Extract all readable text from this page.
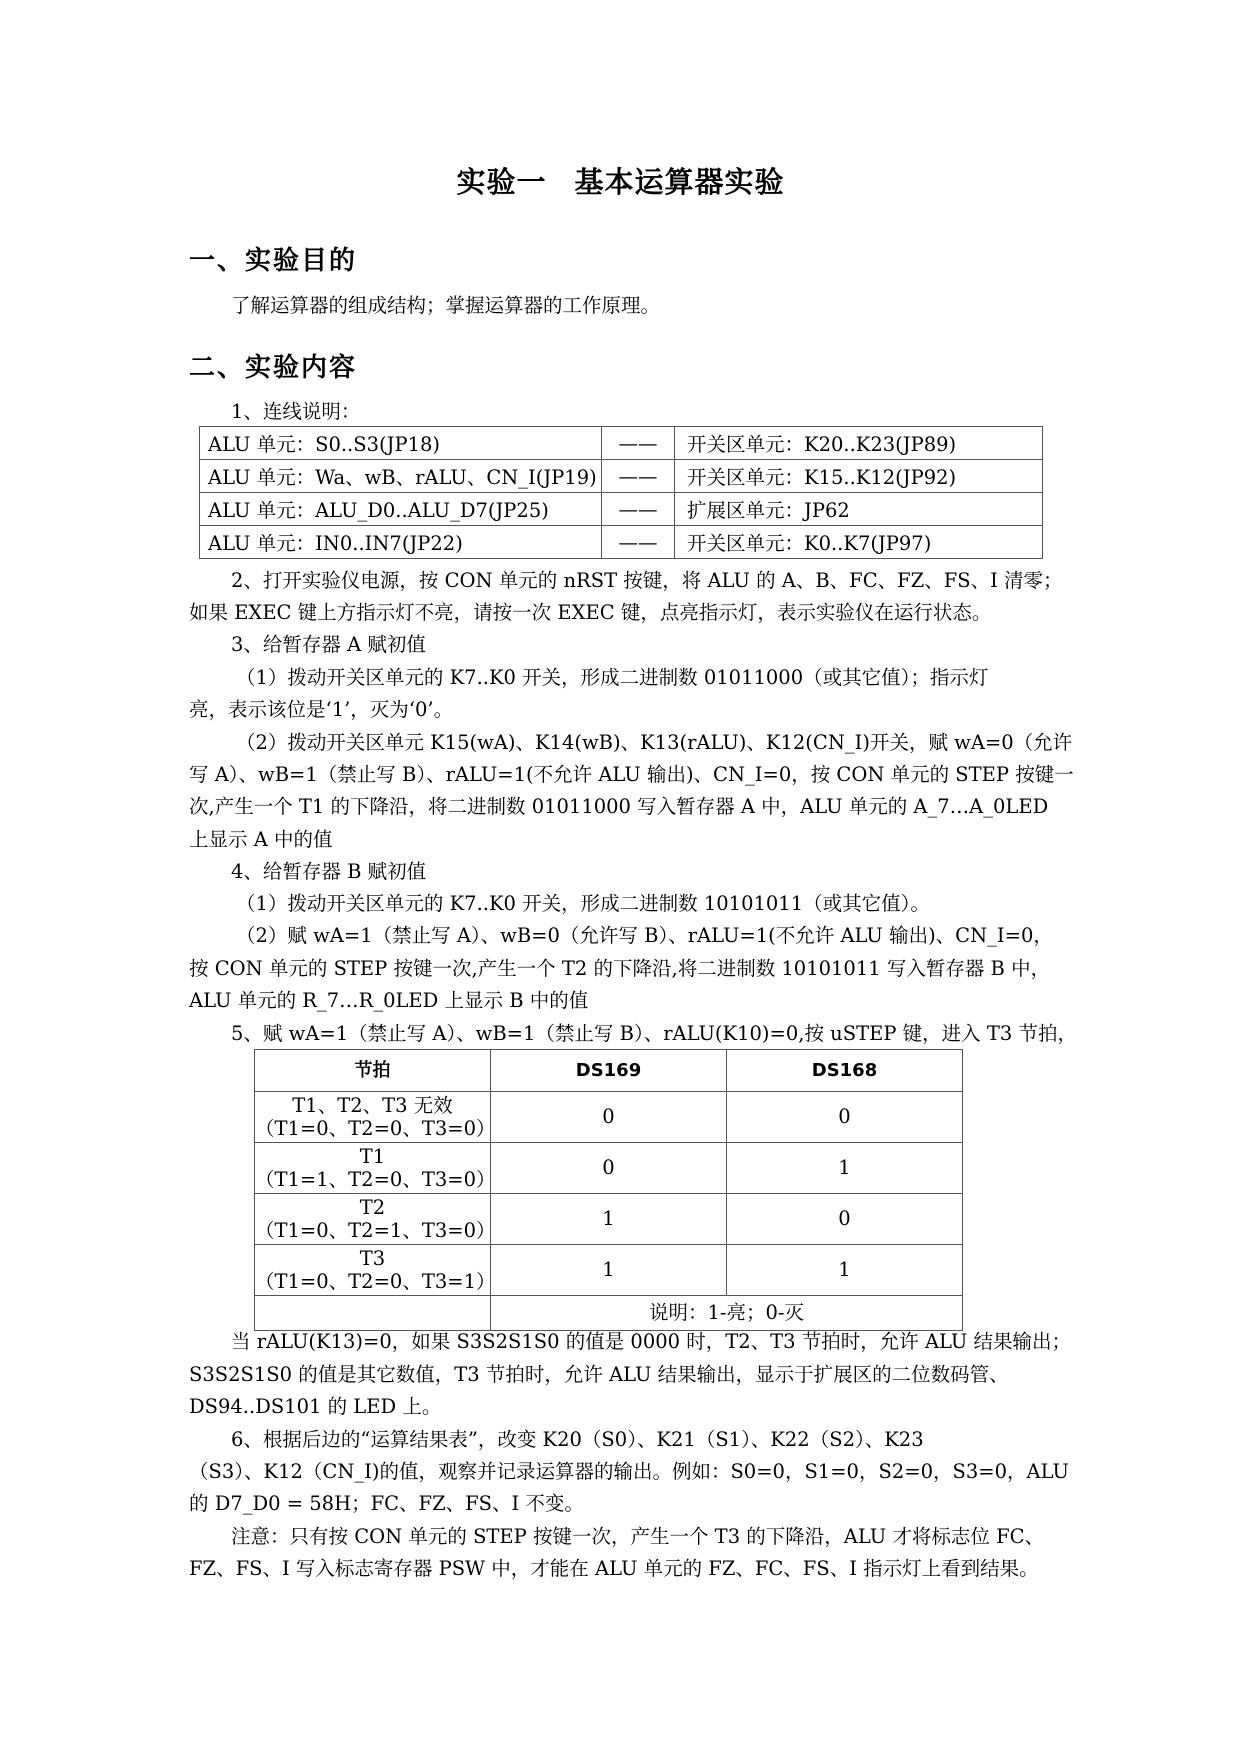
实验一 基本运算器实验
一、实验目的
了解运算器的组成结构；掌握运算器的工作原理。
二、实验内容
1、连线说明：
ALU 单元：S0..S3(JP18)	——	开关区单元：K20..K23(JP89)
ALU 单元：Wa、wB、rALU、CN_I(JP19)	——	开关区单元：K15..K12(JP92)
ALU 单元：ALU_D0..ALU_D7(JP25)	——	扩展区单元：JP62
ALU 单元：IN0..IN7(JP22)	——	开关区单元：K0..K7(JP97)
2、打开实验仪电源，按 CON 单元的 nRST 按键，将 ALU 的 A、B、FC、FZ、FS、I 清零；
如果 EXEC 键上方指示灯不亮，请按一次 EXEC 键，点亮指示灯，表示实验仪在运行状态。
3、给暂存器 A 赋初值
（1）拨动开关区单元的 K7..K0 开关，形成二进制数 01011000（或其它值）；指示灯
亮，表示该位是‘1’，灭为‘0’。
（2）拨动开关区单元 K15(wA)、K14(wB)、K13(rALU)、K12(CN_I)开关，赋 wA=0（允许
写 A）、wB=1（禁止写 B）、rALU=1(不允许 ALU 输出)、CN_I=0，按 CON 单元的 STEP 按键一
次,产生一个 T1 的下降沿，将二进制数 01011000 写入暂存器 A 中，ALU 单元的 A_7…A_0LED
上显示 A 中的值
4、给暂存器 B 赋初值
（1）拨动开关区单元的 K7..K0 开关，形成二进制数 10101011（或其它值）。
（2）赋 wA=1（禁止写 A）、wB=0（允许写 B）、rALU=1(不允许 ALU 输出)、CN_I=0，
按 CON 单元的 STEP 按键一次,产生一个 T2 的下降沿,将二进制数 10101011 写入暂存器 B 中，
ALU 单元的 R_7…R_0LED 上显示 B 中的值
5、赋 wA=1（禁止写 A）、wB=1（禁止写 B）、rALU(K10)=0,按 uSTEP 键，进入 T3 节拍，
节拍	DS169	DS168

T1、T2、T3 无效
（T1=0、T2=0、T3=0）	0	0

T1
（T1=1、T2=0、T3=0）	0	1

T2
（T1=0、T2=1、T3=0）	1	0

T3
（T1=0、T2=0、T3=1）	1	1
	说明：1-亮；0-灭	
当 rALU(K13)=0，如果 S3S2S1S0 的值是 0000 时，T2、T3 节拍时，允许 ALU 结果输出；
S3S2S1S0 的值是其它数值，T3 节拍时，允许 ALU 结果输出，显示于扩展区的二位数码管、
DS94..DS101 的 LED 上。
6、根据后边的“运算结果表”，改变 K20（S0）、K21（S1）、K22（S2）、K23
（S3）、K12（CN_I)的值，观察并记录运算器的输出。例如：S0=0，S1=0，S2=0，S3=0，ALU
的 D7_D0 = 58H；FC、FZ、FS、I 不变。
注意：只有按 CON 单元的 STEP 按键一次，产生一个 T3 的下降沿，ALU 才将标志位 FC、
FZ、FS、I 写入标志寄存器 PSW 中，才能在 ALU 单元的 FZ、FC、FS、I 指示灯上看到结果。
